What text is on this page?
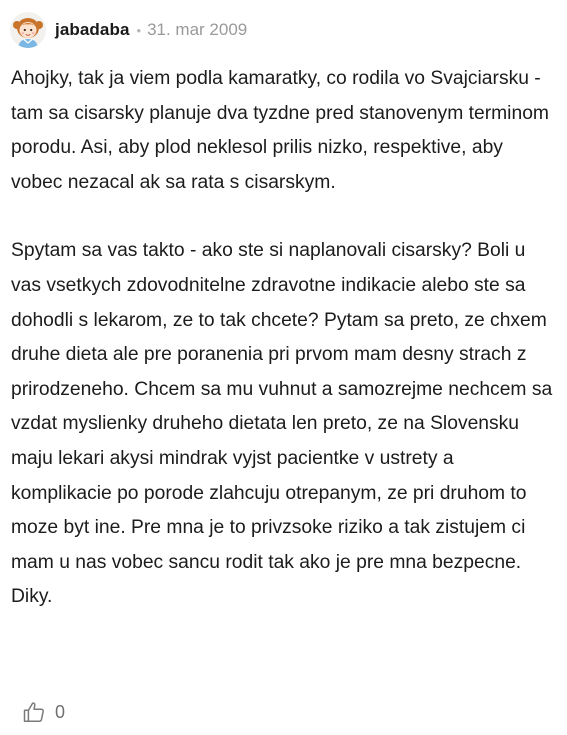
jabadaba • 31. mar 2009

Ahojky, tak ja viem podla kamaratky, co rodila vo Svajciarsku - tam sa cisarsky planuje dva tyzdne pred stanovenym terminom porodu. Asi, aby plod neklesol prilis nizko, respektive, aby vobec nezacal ak sa rata s cisarskym.

Spytam sa vas takto - ako ste si naplanovali cisarsky? Boli u vas vsetkych zdovodnitelne zdravotne indikacie alebo ste sa dohodli s lekarom, ze to tak chcete? Pytam sa preto, ze chxem druhe dieta ale pre poranenia pri prvom mam desny strach z prirodzeneho. Chcem sa mu vuhnut a samozrejme nechcem sa vzdat myslienky druheho dietata len preto, ze na Slovensku maju lekari akysi mindrak vyjst pacientke v ustrety a komplikacie po porode zlahcuju otrepanym, ze pri druhom to moze byt ine. Pre mna je to privzsoke riziko a tak zistujem ci mam u nas vobec sancu rodit tak ako je pre mna bezpecne. Diky.

0
